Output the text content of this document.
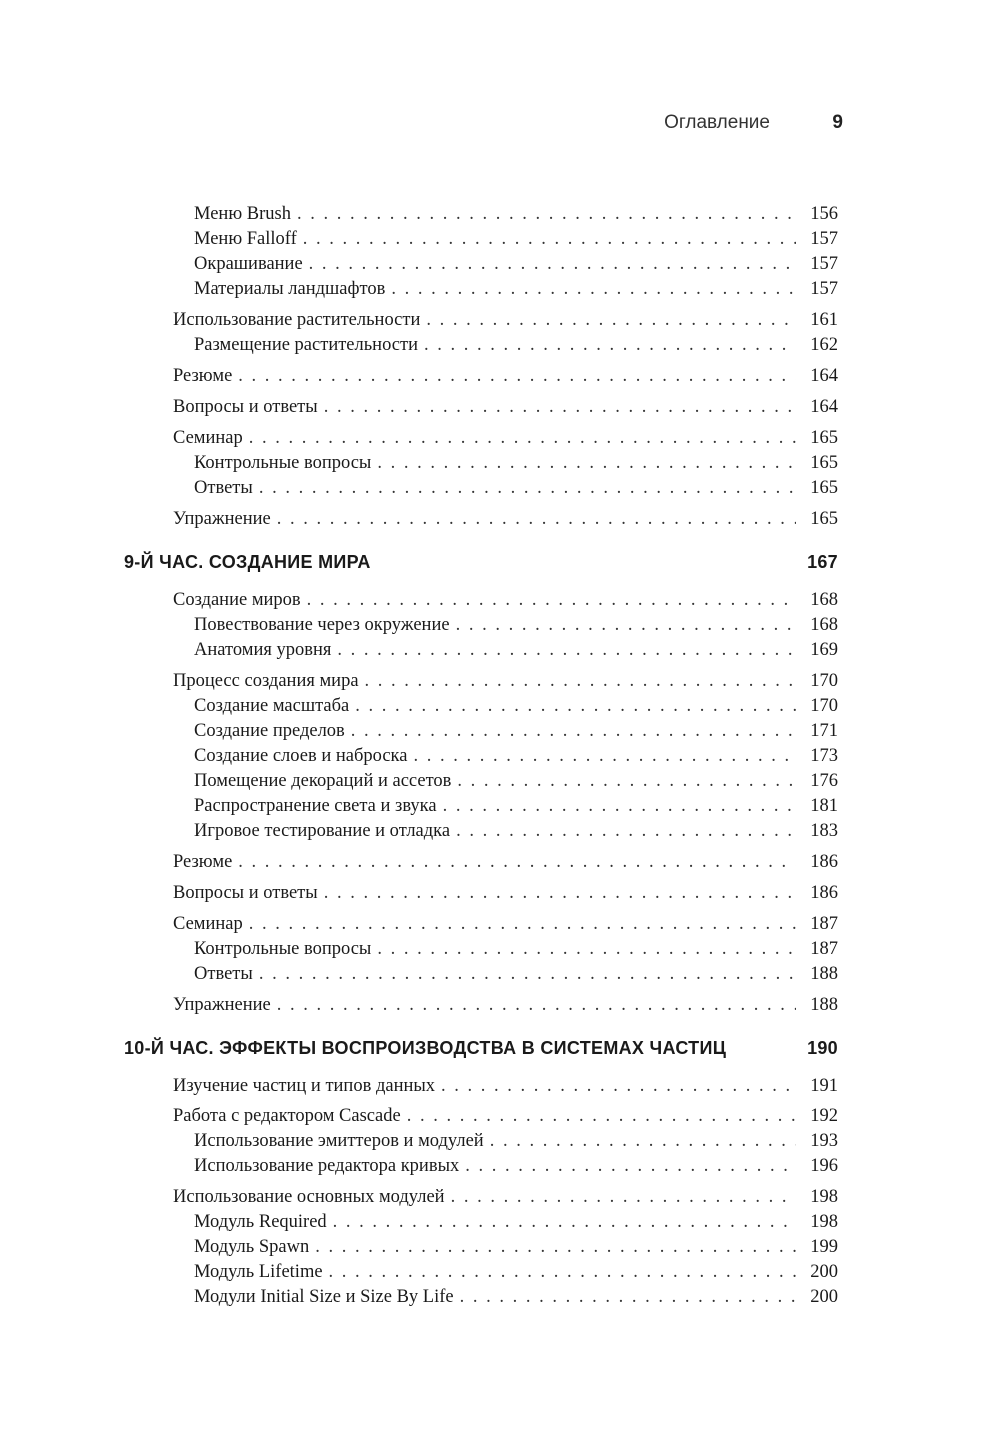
Оглавление	9
Меню Brush . . .	156
Меню Falloff . . .	157
Окрашивание . . .	157
Материалы ландшафтов . . .	157
Использование растительности . . .	161
Размещение растительности . . .	162
Резюме . . .	164
Вопросы и ответы . . .	164
Семинар . . .	165
Контрольные вопросы . . .	165
Ответы . . .	165
Упражнение . . .	165
9-Й ЧАС. СОЗДАНИЕ МИРА	167
Создание миров . . .	168
Повествование через окружение . . .	168
Анатомия уровня . . .	169
Процесс создания мира . . .	170
Создание масштаба . . .	170
Создание пределов . . .	171
Создание слоев и наброска . . .	173
Помещение декораций и ассетов . . .	176
Распространение света и звука . . .	181
Игровое тестирование и отладка . . .	183
Резюме . . .	186
Вопросы и ответы . . .	186
Семинар . . .	187
Контрольные вопросы . . .	187
Ответы . . .	188
Упражнение . . .	188
10-Й ЧАС. ЭФФЕКТЫ ВОСПРОИЗВОДСТВА В СИСТЕМАХ ЧАСТИЦ	190
Изучение частиц и типов данных . . .	191
Работа с редактором Cascade . . .	192
Использование эмиттеров и модулей . . .	193
Использование редактора кривых . . .	196
Использование основных модулей . . .	198
Модуль Required . . .	198
Модуль Spawn . . .	199
Модуль Lifetime . . .	200
Модули Initial Size и Size By Life . . .	200
